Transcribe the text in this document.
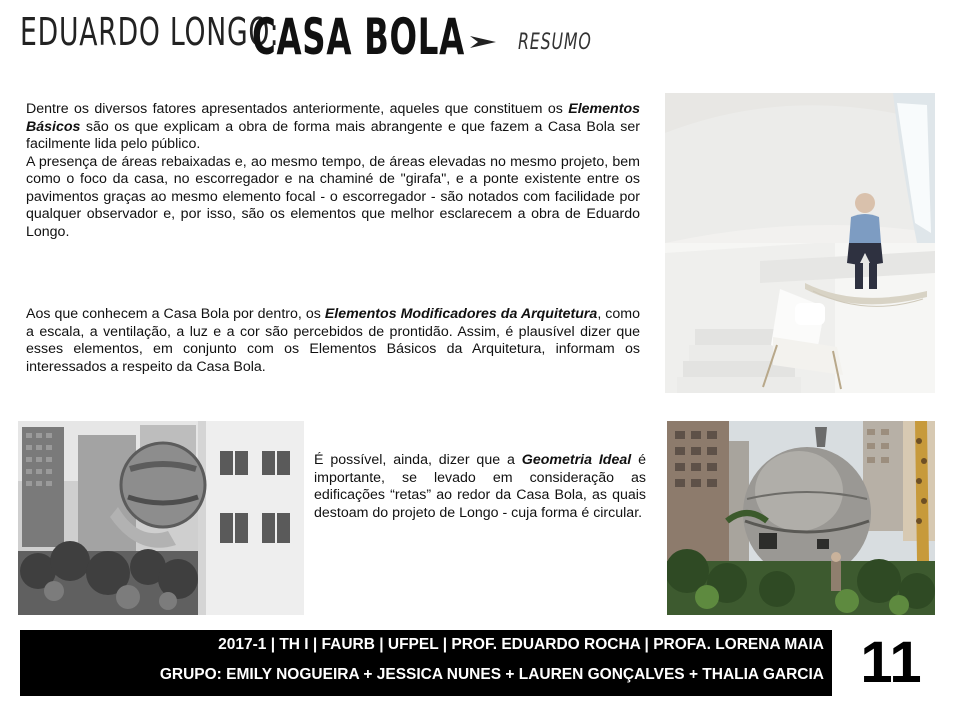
EDUARDO LONGO:
CASA BOLA RESUMO
Dentre os diversos fatores apresentados anteriormente, aqueles que constituem os Elementos Básicos são os que explicam a obra de forma mais abrangente e que fazem a Casa Bola ser facilmente lida pelo público.
A presença de áreas rebaixadas e, ao mesmo tempo, de áreas elevadas no mesmo projeto, bem como o foco da casa, no escorregador e na chaminé de "girafa", e a ponte existente entre os pavimentos graças ao mesmo elemento focal - o escorregador - são notados com facilidade por qualquer observador e, por isso, são os elementos que melhor esclarecem a obra de Eduardo Longo.
Aos que conhecem a Casa Bola por dentro, os Elementos Modificadores da Arquitetura, como a escala, a ventilação, a luz e a cor são percebidos de prontidão. Assim, é plausível dizer que esses elementos, em conjunto com os Elementos Básicos da Arquitetura, informam os interessados a respeito da Casa Bola.
É possível, ainda, dizer que a Geometria Ideal é importante, se levado em consideração as edificações “retas” ao redor da Casa Bola, as quais destoam do projeto de Longo - cuja forma é circular.
2017-1 | TH I | FAURB | UFPEL | PROF. EDUARDO ROCHA | PROFA. LORENA MAIA
GRUPO: EMILY NOGUEIRA + JESSICA NUNES + LAUREN GONÇALVES + THALIA GARCIA 11
